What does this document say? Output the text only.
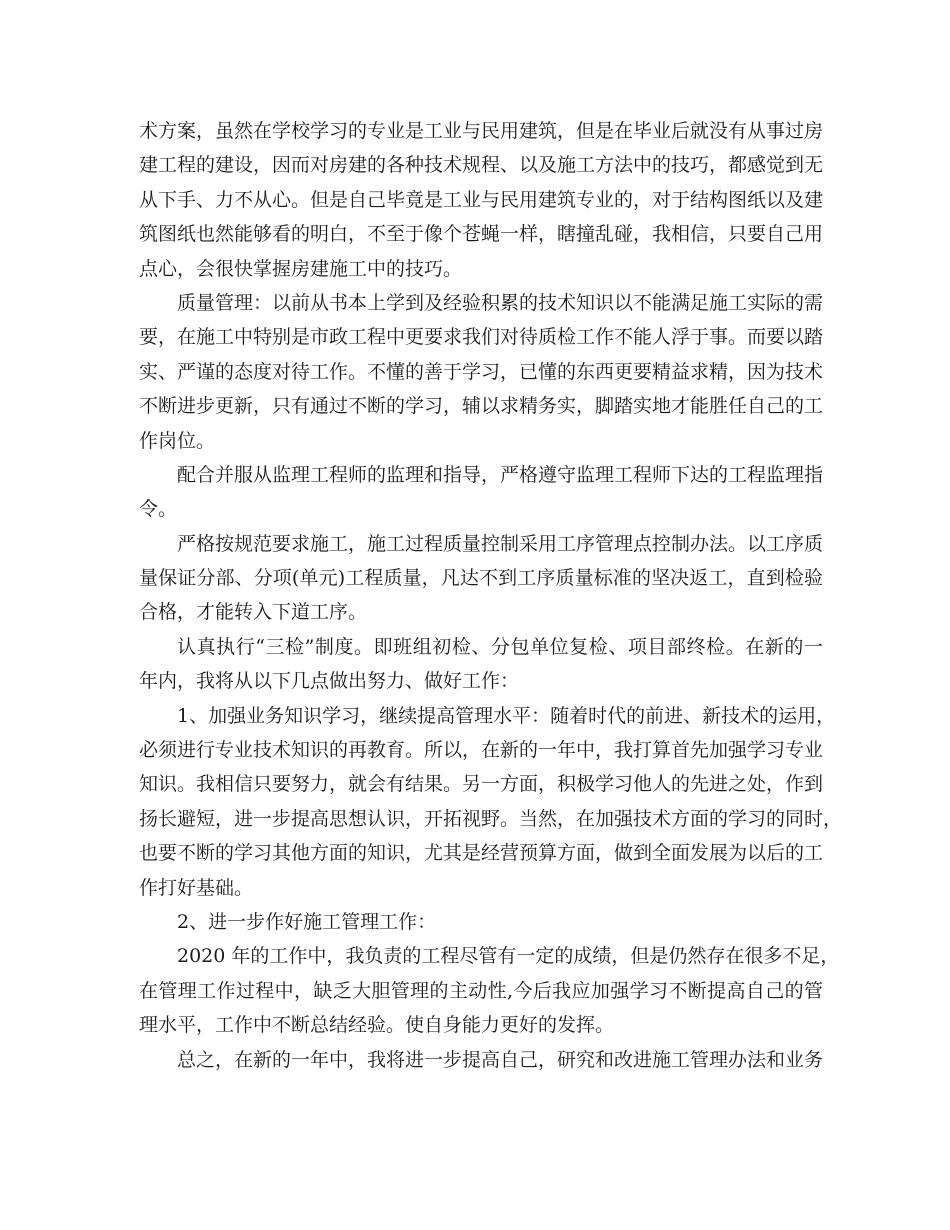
术方案，虽然在学校学习的专业是工业与民用建筑，但是在毕业后就没有从事过房
建工程的建设，因而对房建的各种技术规程、以及施工方法中的技巧，都感觉到无
从下手、力不从心。但是自己毕竟是工业与民用建筑专业的，对于结构图纸以及建
筑图纸也然能够看的明白，不至于像个苍蝇一样，瞎撞乱碰，我相信，只要自己用
点心，会很快掌握房建施工中的技巧。
质量管理：以前从书本上学到及经验积累的技术知识以不能满足施工实际的需
要，在施工中特别是市政工程中更要求我们对待质检工作不能人浮于事。而要以踏
实、严谨的态度对待工作。不懂的善于学习，已懂的东西更要精益求精，因为技术
不断进步更新，只有通过不断的学习，辅以求精务实，脚踏实地才能胜任自己的工
作岗位。
配合并服从监理工程师的监理和指导，严格遵守监理工程师下达的工程监理指
令。
严格按规范要求施工，施工过程质量控制采用工序管理点控制办法。以工序质
量保证分部、分项(单元)工程质量，凡达不到工序质量标准的坚决返工，直到检验
合格，才能转入下道工序。
认真执行“三检”制度。即班组初检、分包单位复检、项目部终检。在新的一
年内，我将从以下几点做出努力、做好工作：
1、加强业务知识学习，继续提高管理水平：随着时代的前进、新技术的运用，
必须进行专业技术知识的再教育。所以，在新的一年中，我打算首先加强学习专业
知识。我相信只要努力，就会有结果。另一方面，积极学习他人的先进之处，作到
扬长避短，进一步提高思想认识，开拓视野。当然，在加强技术方面的学习的同时，
也要不断的学习其他方面的知识，尤其是经营预算方面，做到全面发展为以后的工
作打好基础。
2、进一步作好施工管理工作：
2020 年的工作中，我负责的工程尽管有一定的成绩，但是仍然存在很多不足，
在管理工作过程中，缺乏大胆管理的主动性,今后我应加强学习不断提高自己的管
理水平，工作中不断总结经验。使自身能力更好的发挥。
总之，在新的一年中，我将进一步提高自己，研究和改进施工管理办法和业务
